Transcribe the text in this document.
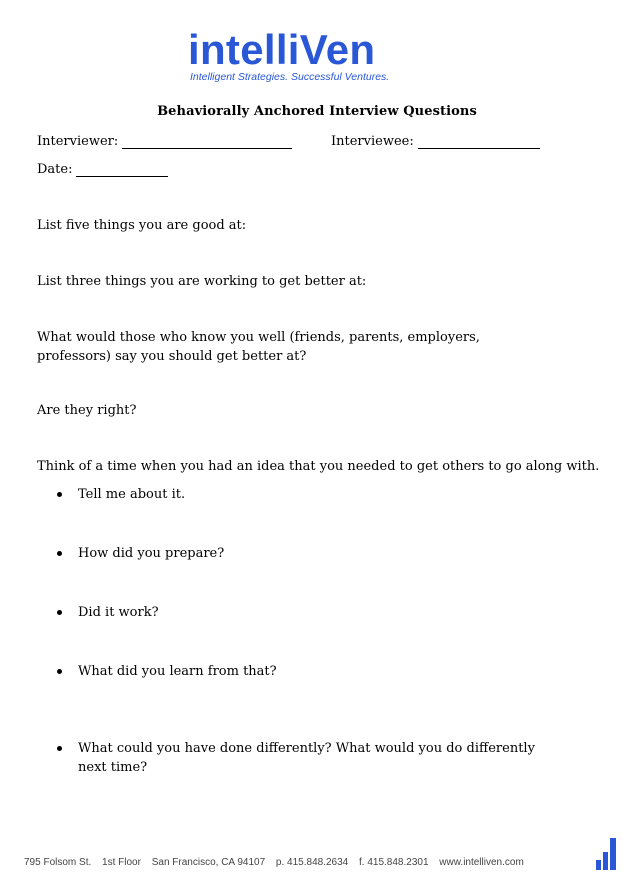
intelliVen
Intelligent Strategies. Successful Ventures.
Behaviorally Anchored Interview Questions
Interviewer:	Interviewee:
Date:
List five things you are good at:
List three things you are working to get better at:
What would those who know you well (friends, parents, employers, professors) say you should get better at?
Are they right?
Think of a time when you had an idea that you needed to get others to go along with.
Tell me about it.
How did you prepare?
Did it work?
What did you learn from that?
What could you have done differently? What would you do differently next time?
795 Folsom St. 1st Floor San Francisco, CA 94107 p. 415.848.2634 f. 415.848.2301 www.intelliven.com
